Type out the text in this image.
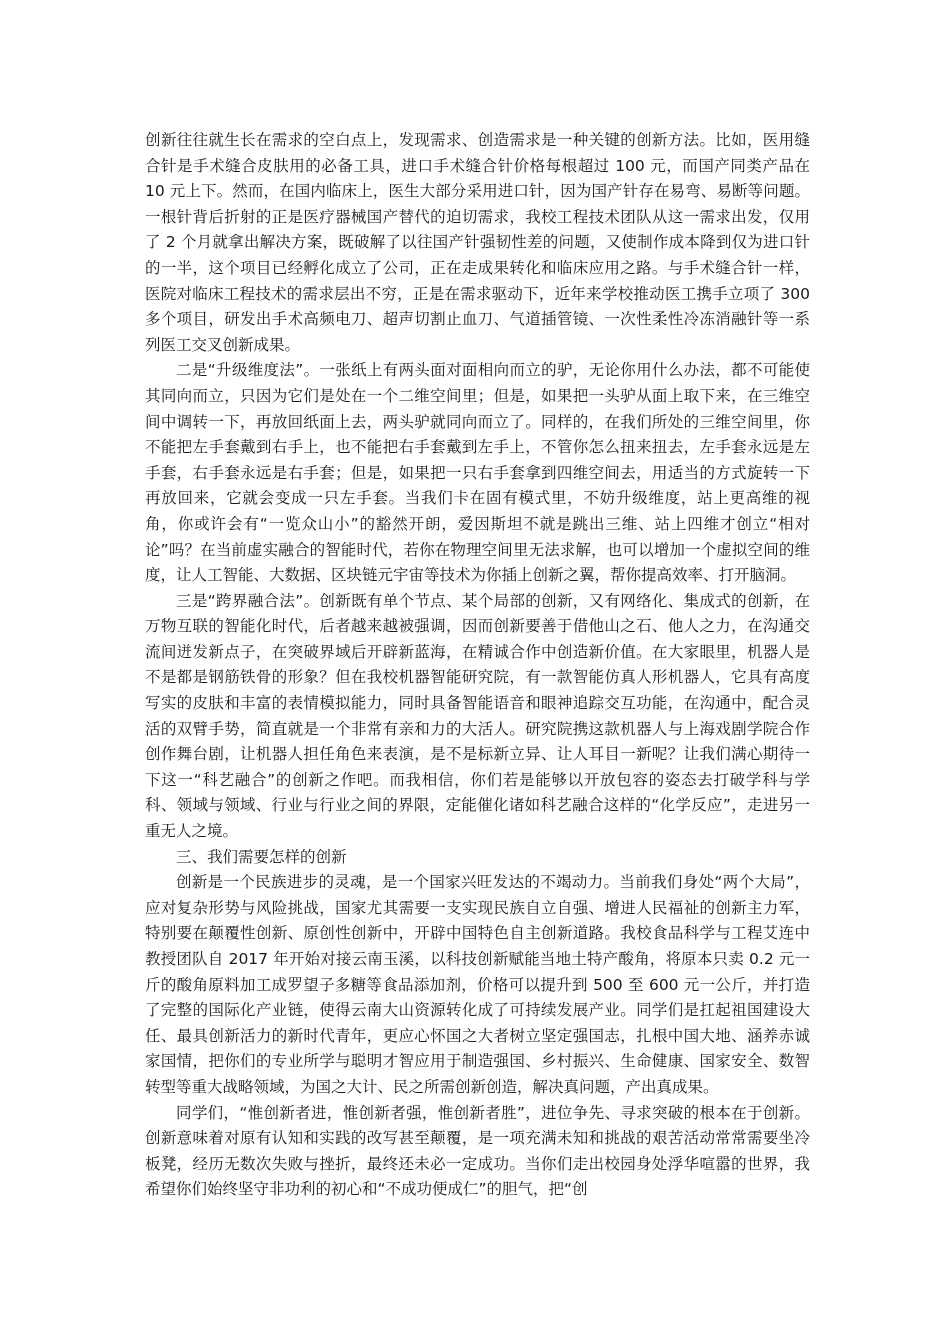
创新往往就生长在需求的空白点上，发现需求、创造需求是一种关键的创新方法。比如，医用缝合针是手术缝合皮肤用的必备工具，进口手术缝合针价格每根超过 100 元，而国产同类产品在 10 元上下。然而，在国内临床上，医生大部分采用进口针，因为国产针存在易弯、易断等问题。一根针背后折射的正是医疗器械国产替代的迫切需求，我校工程技术团队从这一需求出发，仅用了 2 个月就拿出解决方案，既破解了以往国产针强韧性差的问题，又使制作成本降到仅为进口针的一半，这个项目已经孵化成立了公司，正在走成果转化和临床应用之路。与手术缝合针一样，医院对临床工程技术的需求层出不穷，正是在需求驱动下，近年来学校推动医工携手立项了 300 多个项目，研发出手术高频电刀、超声切割止血刀、气道插管镜、一次性柔性冷冻消融针等一系列医工交叉创新成果。

二是“升级维度法”。一张纸上有两头面对面相向而立的驴，无论你用什么办法，都不可能使其同向而立，只因为它们是处在一个二维空间里；但是，如果把一头驴从面上取下来，在三维空间中调转一下，再放回纸面上去，两头驴就同向而立了。同样的，在我们所处的三维空间里，你不能把左手套戴到右手上，也不能把右手套戴到左手上，不管你怎么扭来扭去，左手套永远是左手套，右手套永远是右手套；但是，如果把一只右手套拿到四维空间去，用适当的方式旋转一下再放回来，它就会变成一只左手套。当我们卡在固有模式里，不妨升级维度，站上更高维的视角，你或许会有“一览众山小”的豁然开朗，爱因斯坦不就是跳出三维、站上四维才创立“相对论”吗？在当前虚实融合的智能时代，若你在物理空间里无法求解，也可以增加一个虚拟空间的维度，让人工智能、大数据、区块链元宇宙等技术为你插上创新之翼，帮你提高效率、打开脑洞。

三是“跨界融合法”。创新既有单个节点、某个局部的创新，又有网络化、集成式的创新，在万物互联的智能化时代，后者越来越被强调，因而创新要善于借他山之石、他人之力，在沟通交流间迸发新点子，在突破界域后开辟新蓝海，在精诚合作中创造新价值。在大家眼里，机器人是不是都是钢筋铁骨的形象？但在我校机器智能研究院，有一款智能仿真人形机器人，它具有高度写实的皮肤和丰富的表情模拟能力，同时具备智能语音和眼神追踪交互功能，在沟通中，配合灵活的双臂手势，简直就是一个非常有亲和力的大活人。研究院携这款机器人与上海戏剧学院合作创作舞台剧，让机器人担任角色来表演，是不是标新立异、让人耳目一新呢？让我们满心期待一下这一“科艺融合”的创新之作吧。而我相信，你们若是能够以开放包容的姿态去打破学科与学科、领域与领域、行业与行业之间的界限，定能催化诸如科艺融合这样的“化学反应”，走进另一重无人之境。

三、我们需要怎样的创新

创新是一个民族进步的灵魂，是一个国家兴旺发达的不竭动力。当前我们身处“两个大局”，应对复杂形势与风险挑战，国家尤其需要一支实现民族自立自强、增进人民福祉的创新主力军，特别要在颠覆性创新、原创性创新中，开辟中国特色自主创新道路。我校食品科学与工程艾连中教授团队自 2017 年开始对接云南玉溪，以科技创新赋能当地土特产酸角，将原本只卖 0.2 元一斤的酸角原料加工成罗望子多糖等食品添加剂，价格可以提升到 500 至 600 元一公斤，并打造了完整的国际化产业链，使得云南大山资源转化成了可持续发展产业。同学们是扛起祖国建设大任、最具创新活力的新时代青年，更应心怀国之大者树立坚定强国志，扎根中国大地、涵养赤诚家国情，把你们的专业所学与聪明才智应用于制造强国、乡村振兴、生命健康、国家安全、数智转型等重大战略领域，为国之大计、民之所需创新创造，解决真问题，产出真成果。

同学们，“惟创新者进，惟创新者强，惟创新者胜”，进位争先、寻求突破的根本在于创新。创新意味着对原有认知和实践的改写甚至颠覆，是一项充满未知和挑战的艰苦活动常常需要坐冷板凳，经历无数次失败与挫折，最终还未必一定成功。当你们走出校园身处浮华喧嚣的世界，我希望你们始终坚守非功利的初心和“不成功便成仁”的胆气，把“创
